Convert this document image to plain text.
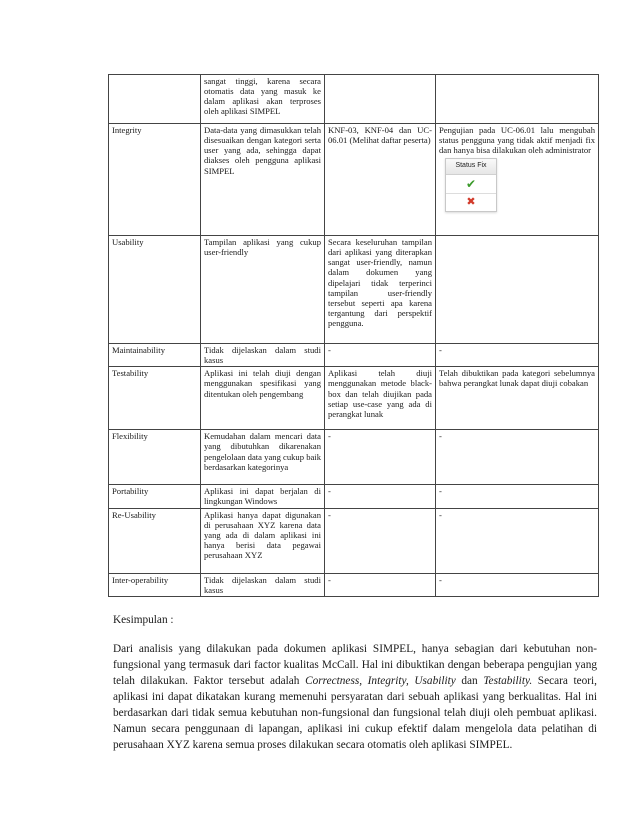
	sangat tinggi, karena secara otomatis data yang masuk ke dalam aplikasi akan terproses oleh aplikasi SIMPEL		
Integrity	Data-data yang dimasukkan telah disesuaikan dengan kategori serta user yang ada, sehingga dapat diakses oleh pengguna aplikasi SIMPEL	KNF-03, KNF-04 dan UC-06.01 (Melihat daftar peserta)	Pengujian pada UC-06.01 lalu mengubah status pengguna yang tidak aktif menjadi fix dan hanya bisa dilakukan oleh administrator
Status Fix
✔
✖

Usability	Tampilan aplikasi yang cukup user-friendly	Secara keseluruhan tampilan dari aplikasi yang diterapkan sangat user-friendly, namun dalam dokumen yang dipelajari tidak terperinci tampilan user-friendly tersebut seperti apa karena tergantung dari perspektif pengguna.	
Maintainability	Tidak dijelaskan dalam studi kasus	-	-
Testability	Aplikasi ini telah diuji dengan menggunakan spesifikasi yang ditentukan oleh pengembang	Aplikasi telah diuji menggunakan metode black-box dan telah diujikan pada setiap use-case yang ada di perangkat lunak	Telah dibuktikan pada kategori sebelumnya bahwa perangkat lunak dapat diuji cobakan
Flexibility	Kemudahan dalam mencari data yang dibutuhkan dikarenakan pengelolaan data yang cukup baik berdasarkan kategorinya	-	-
Portability	Aplikasi ini dapat berjalan di lingkungan Windows	-	-
Re-Usability	Aplikasi hanya dapat digunakan di perusahaan XYZ karena data yang ada di dalam aplikasi ini hanya berisi data pegawai perusahaan XYZ	-	-
Inter-operability	Tidak dijelaskan dalam studi kasus	-	-

Kesimpulan :

Dari analisis yang dilakukan pada dokumen aplikasi SIMPEL, hanya sebagian dari kebutuhan non-fungsional yang termasuk dari factor kualitas McCall. Hal ini dibuktikan dengan beberapa pengujian yang telah dilakukan. Faktor tersebut adalah Correctness, Integrity, Usability dan Testability. Secara teori, aplikasi ini dapat dikatakan kurang memenuhi persyaratan dari sebuah aplikasi yang berkualitas. Hal ini berdasarkan dari tidak semua kebutuhan non-fungsional dan fungsional telah diuji oleh pembuat aplikasi. Namun secara penggunaan di lapangan, aplikasi ini cukup efektif dalam mengelola data pelatihan di perusahaan XYZ karena semua proses dilakukan secara otomatis oleh aplikasi SIMPEL.
